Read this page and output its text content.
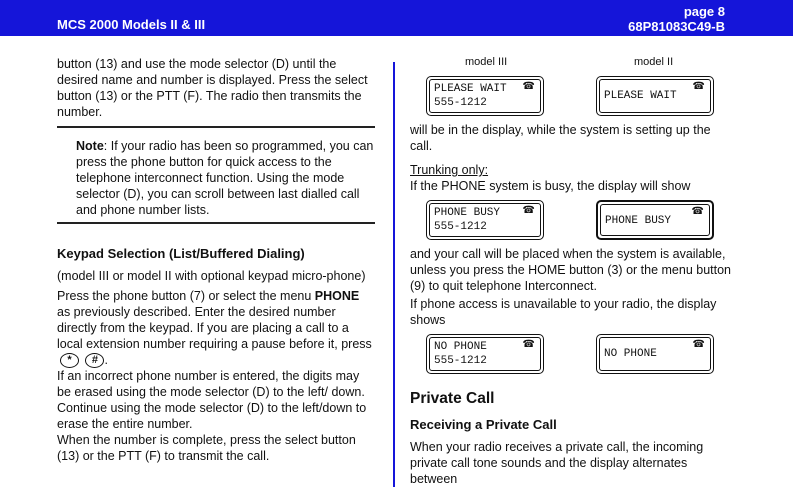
MCS 2000 Models II & III
page 8
68P81083C49-B

button (13) and use the mode selector (D) until the desired name and number is displayed. Press the select button (13) or the PTT (F). The radio then transmits the number.

Note: If your radio has been so programmed, you can press the phone button for quick access to the telephone interconnect function. Using the mode selector (D), you can scroll between last dialled call and phone number lists.
Keypad Selection (List/Buffered Dialing)

(model III or model II with optional keypad micro-phone)

Press the phone button (7) or select the menu PHONE as previously described. Enter the desired number directly from the keypad. If you are placing a call to a local extension number requiring a pause before it, press * # .

If an incorrect phone number is entered, the digits may be erased using the mode selector (D) to the left/ down. Continue using the mode selector (D) to the left/down to erase the entire number.

When the number is complete, press the select button (13) or the PTT (F) to transmit the call.

model III	model II
☎
PLEASE WAIT
555-1212
☎
PLEASE WAIT

will be in the display, while the system is setting up the call.

Trunking only:

If the PHONE system is busy, the display will show

☎
PHONE BUSY
555-1212
☎
PHONE BUSY

and your call will be placed when the system is available, unless you press the HOME button (3) or the menu button (9) to quit telephone Interconnect.

If phone access is unavailable to your radio, the display shows

☎
NO PHONE
555-1212
☎
NO PHONE
Private Call
Receiving a Private Call

When your radio receives a private call, the incoming private call tone sounds and the display alternates between
